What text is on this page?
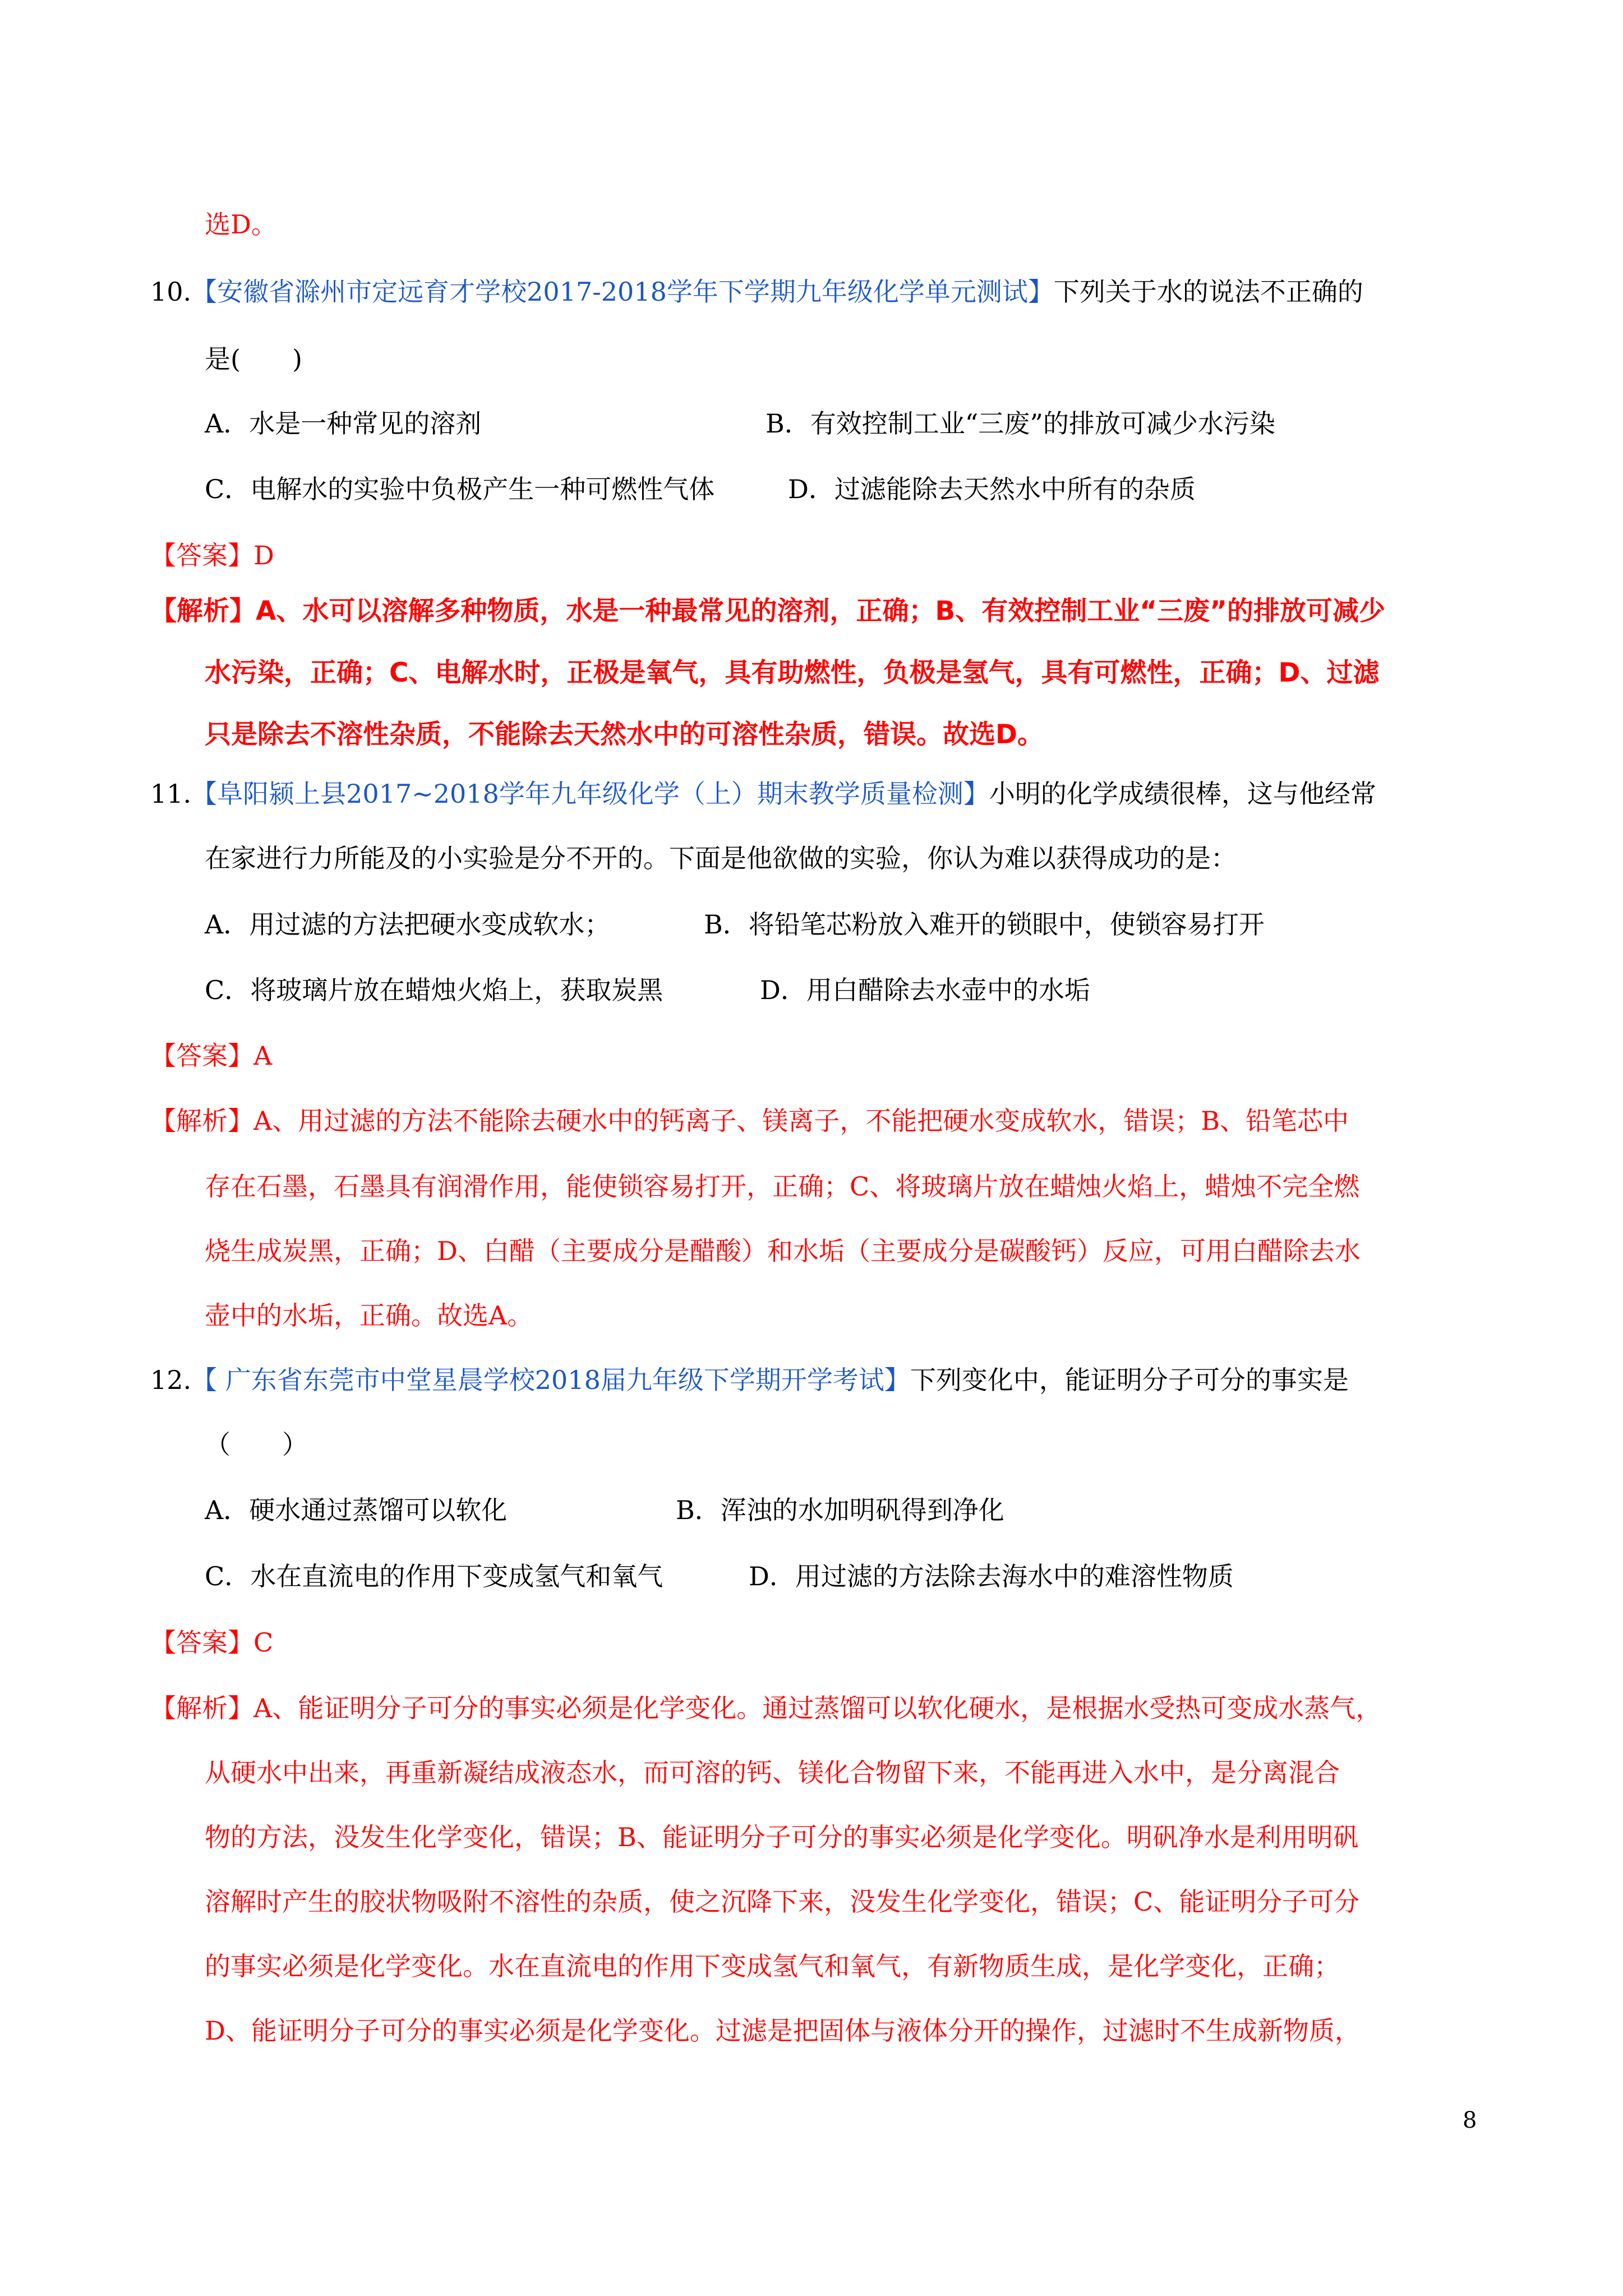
选D。
10.【安徽省滁州市定远育才学校2017-2018学年下学期九年级化学单元测试】下列关于水的说法不正确的
是(　　)
A．水是一种常见的溶剂	B．有效控制工业“三废”的排放可减少水污染
C．电解水的实验中负极产生一种可燃性气体	D．过滤能除去天然水中所有的杂质
【答案】D
【解析】A、水可以溶解多种物质，水是一种最常见的溶剂，正确；B、有效控制工业“三废”的排放可减少
水污染，正确；C、电解水时，正极是氧气，具有助燃性，负极是氢气，具有可燃性，正确；D、过滤
只是除去不溶性杂质，不能除去天然水中的可溶性杂质，错误。故选D。
11.【阜阳颍上县2017~2018学年九年级化学（上）期末教学质量检测】小明的化学成绩很棒，这与他经常
在家进行力所能及的小实验是分不开的。下面是他欲做的实验，你认为难以获得成功的是：
A．用过滤的方法把硬水变成软水；	B．将铅笔芯粉放入难开的锁眼中，使锁容易打开
C．将玻璃片放在蜡烛火焰上，获取炭黑	D．用白醋除去水壶中的水垢
【答案】A
【解析】A、用过滤的方法不能除去硬水中的钙离子、镁离子，不能把硬水变成软水，错误；B、铅笔芯中
存在石墨，石墨具有润滑作用，能使锁容易打开，正确；C、将玻璃片放在蜡烛火焰上，蜡烛不完全燃
烧生成炭黑，正确；D、白醋（主要成分是醋酸）和水垢（主要成分是碳酸钙）反应，可用白醋除去水
壶中的水垢，正确。故选A。
12.【 广东省东莞市中堂星晨学校2018届九年级下学期开学考试】下列变化中，能证明分子可分的事实是
（　　）
A．硬水通过蒸馏可以软化	B．浑浊的水加明矾得到净化
C．水在直流电的作用下变成氢气和氧气	D．用过滤的方法除去海水中的难溶性物质
【答案】C
【解析】A、能证明分子可分的事实必须是化学变化。通过蒸馏可以软化硬水，是根据水受热可变成水蒸气，
从硬水中出来，再重新凝结成液态水，而可溶的钙、镁化合物留下来，不能再进入水中，是分离混合
物的方法，没发生化学变化，错误；B、能证明分子可分的事实必须是化学变化。明矾净水是利用明矾
溶解时产生的胶状物吸附不溶性的杂质，使之沉降下来，没发生化学变化，错误；C、能证明分子可分
的事实必须是化学变化。水在直流电的作用下变成氢气和氧气，有新物质生成，是化学变化，正确；
D、能证明分子可分的事实必须是化学变化。过滤是把固体与液体分开的操作，过滤时不生成新物质，
8
